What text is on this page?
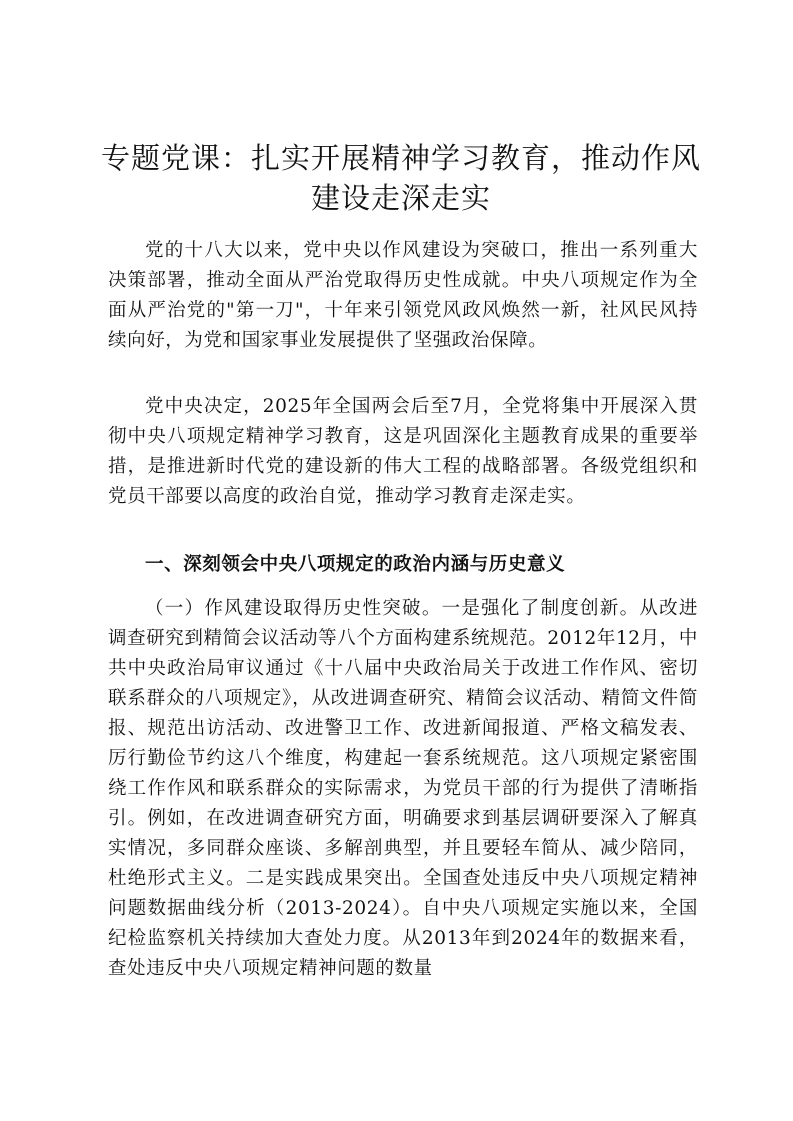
专题党课：扎实开展精神学习教育，推动作风建设走深走实

党的十八大以来，党中央以作风建设为突破口，推出一系列重大决策部署，推动全面从严治党取得历史性成就。中央八项规定作为全面从严治党的"第一刀"，十年来引领党风政风焕然一新，社风民风持续向好，为党和国家事业发展提供了坚强政治保障。

党中央决定，2025年全国两会后至7月，全党将集中开展深入贯彻中央八项规定精神学习教育，这是巩固深化主题教育成果的重要举措，是推进新时代党的建设新的伟大工程的战略部署。各级党组织和党员干部要以高度的政治自觉，推动学习教育走深走实。

一、深刻领会中央八项规定的政治内涵与历史意义

（一）作风建设取得历史性突破。一是强化了制度创新。从改进调查研究到精简会议活动等八个方面构建系统规范。2012年12月，中共中央政治局审议通过《十八届中央政治局关于改进工作作风、密切联系群众的八项规定》，从改进调查研究、精简会议活动、精简文件简报、规范出访活动、改进警卫工作、改进新闻报道、严格文稿发表、厉行勤俭节约这八个维度，构建起一套系统规范。这八项规定紧密围绕工作作风和联系群众的实际需求，为党员干部的行为提供了清晰指引。例如，在改进调查研究方面，明确要求到基层调研要深入了解真实情况，多同群众座谈、多解剖典型，并且要轻车简从、减少陪同，杜绝形式主义。二是实践成果突出。全国查处违反中央八项规定精神问题数据曲线分析（2013-2024）。自中央八项规定实施以来，全国纪检监察机关持续加大查处力度。从2013年到2024年的数据来看，查处违反中央八项规定精神问题的数量
